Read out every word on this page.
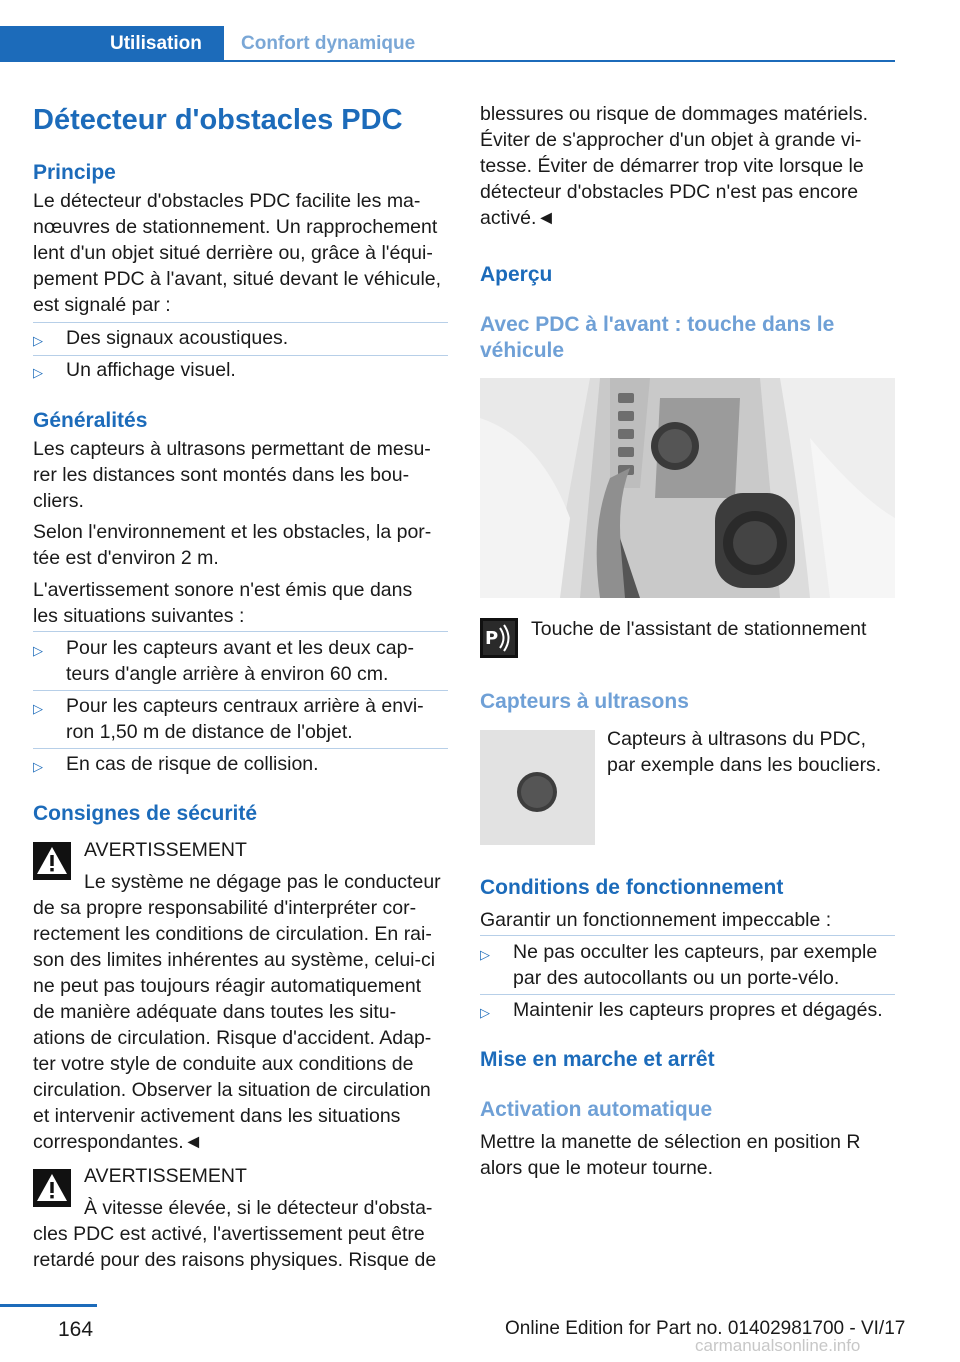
Utilisation	Confort dynamique
Détecteur d'obstacles PDC
Principe
Le détecteur d'obstacles PDC facilite les ma‐
nœuvres de stationnement. Un rapprochement
lent d'un objet situé derrière ou, grâce à l'équi‐
pement PDC à l'avant, situé devant le véhicule,
est signalé par :
▷ Des signaux acoustiques.
▷ Un affichage visuel.
Généralités
Les capteurs à ultrasons permettant de mesu‐
rer les distances sont montés dans les bou‐
cliers.
Selon l'environnement et les obstacles, la por‐
tée est d'environ 2 m.
L'avertissement sonore n'est émis que dans
les situations suivantes :
▷ Pour les capteurs avant et les deux cap‐
teurs d'angle arrière à environ 60 cm.
▷ Pour les capteurs centraux arrière à envi‐
ron 1,50 m de distance de l'objet.
▷ En cas de risque de collision.
Consignes de sécurité
AVERTISSEMENT
Le système ne dégage pas le conducteur
de sa propre responsabilité d'interpréter cor‐
rectement les conditions de circulation. En rai‐
son des limites inhérentes au système, celui-ci
ne peut pas toujours réagir automatiquement
de manière adéquate dans toutes les situ‐
ations de circulation. Risque d'accident. Adap‐
ter votre style de conduite aux conditions de
circulation. Observer la situation de circulation
et intervenir activement dans les situations
correspondantes.◄
AVERTISSEMENT
À vitesse élevée, si le détecteur d'obsta‐
cles PDC est activé, l'avertissement peut être
retardé pour des raisons physiques. Risque de
blessures ou risque de dommages matériels.
Éviter de s'approcher d'un objet à grande vi‐
tesse. Éviter de démarrer trop vite lorsque le
détecteur d'obstacles PDC n'est pas encore
activé.◄
Aperçu
Avec PDC à l'avant : touche dans le
véhicule
P Touche de l'assistant de stationnement
Capteurs à ultrasons
Capteurs à ultrasons du PDC,
par exemple dans les boucliers.
Conditions de fonctionnement
Garantir un fonctionnement impeccable :
▷ Ne pas occulter les capteurs, par exemple
par des autocollants ou un porte-vélo.
▷ Maintenir les capteurs propres et dégagés.
Mise en marche et arrêt
Activation automatique
Mettre la manette de sélection en position R
alors que le moteur tourne.
164	Online Edition for Part no. 01402981700 - VI/17
carmanualsonline.info
